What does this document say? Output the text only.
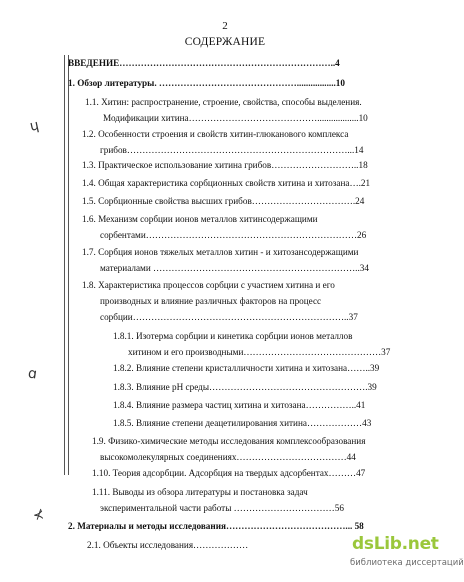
2
СОДЕРЖАНИЕ
ɥ
ɑ
⊀
ВВЕДЕНИЕ……………………………………………………………..4
1. Обзор литературы. ……………………………………….................10
1.1. Хитин: распространение, строение, свойства, способы выделения.
Модификации хитина……………………………………..................10
1.2. Особенности строения и свойств хитин-глюканового комплекса
грибов………………………………………………………………...14
1.3. Практическое использование хитина грибов………………………..18
1.4. Общая характеристика сорбционных свойств хитина и хитозана….21
1.5. Сорбционные свойства высших грибов…………………………….24
1.6. Механизм сорбции ионов металлов хитинсодержащими
сорбентами……………………………………………………………26
1.7. Сорбция ионов тяжелых металлов хитин - и хитозансодержащими
материалами …………………………………………………………..34
1.8. Характеристика процессов сорбции с участием хитина и его
производных и влияние различных факторов на процесс
сорбции……………………………………………………………..37
1.8.1. Изотерма сорбции и кинетика сорбции ионов металлов
хитином и его производными………………………………………37
1.8.2. Влияние степени кристалличности хитина и хитозана……..39
1.8.3. Влияние pH среды…………………………………………….39
1.8.4. Влияние размера частиц хитина и хитозана……………..41
1.8.5. Влияние степени деацетилирования хитина………………43
1.9. Физико-химические методы исследования комплексообразования
высокомолекулярных соединениях………………………………44
1.10. Теория адсорбции. Адсорбция на твердых адсорбентах………47
1.11. Выводы из обзора литературы и постановка задач
экспериментальной части работы ……………………………56
2. Материалы и методы исследования…………………………………... 58
2.1. Объекты исследования………………	dsLib.net
библиотека диссертаций
